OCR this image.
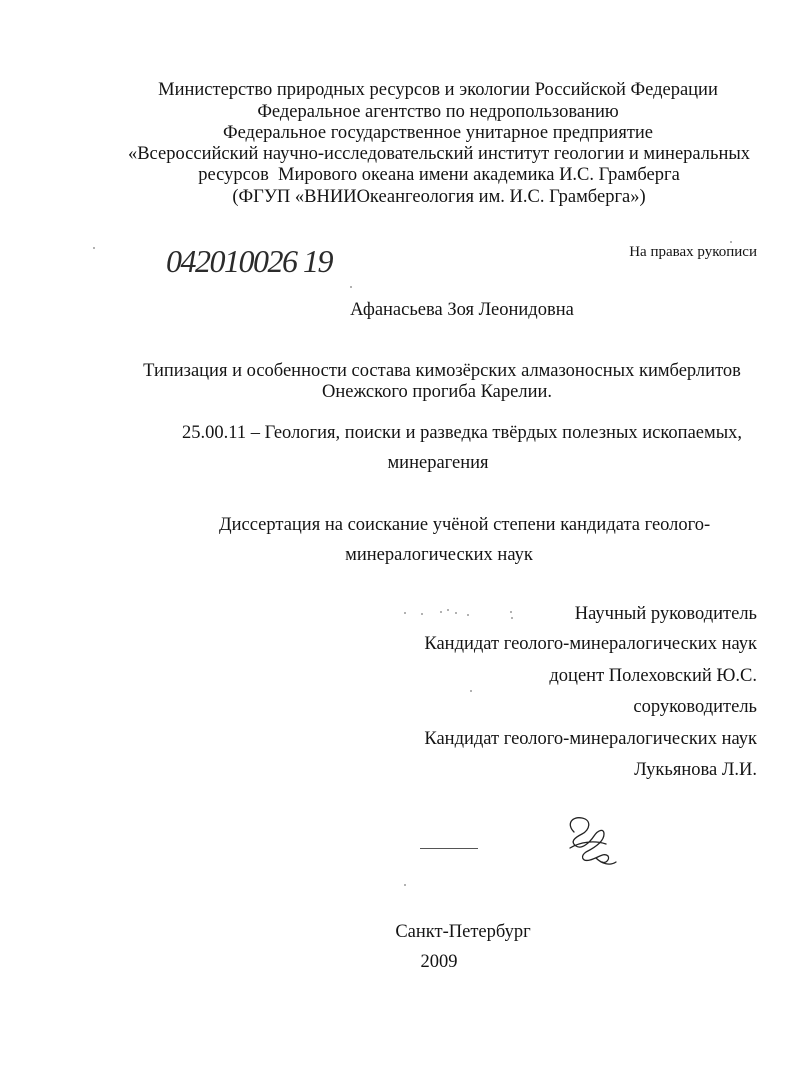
Министерство природных ресурсов и экологии Российской Федерации
Федеральное агентство по недропользованию
Федеральное государственное унитарное предприятие
«Всероссийский научно-исследовательский институт геологии и минеральных
ресурсов  Мирового океана имени академика И.С. Грамберга
(ФГУП «ВНИИОкеангеология им. И.С. Грамберга»)
042010026 19	На правах рукописи
Афанасьева Зоя Леонидовна
Типизация и особенности состава кимозёрских алмазоносных кимберлитов
Онежского прогиба Карелии.
25.00.11 – Геология, поиски и разведка твёрдых полезных ископаемых,
минерагения
Диссертация на соискание учёной степени кандидата геолого-
минералогических наук
Научный руководитель
Кандидат геолого-минералогических наук
доцент Полеховский Ю.С.
соруководитель
Кандидат геолого-минералогических наук
Лукьянова Л.И.
Санкт-Петербург
2009
